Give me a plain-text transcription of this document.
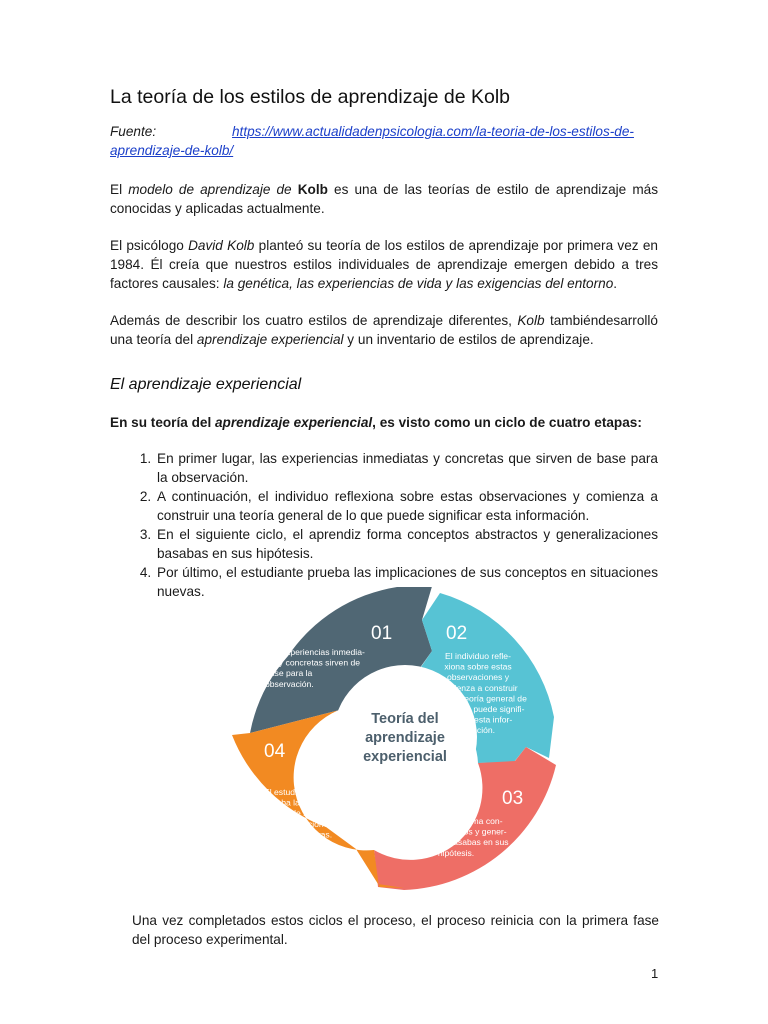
La teoría de los estilos de aprendizaje de Kolb

Fuente:	https://www.actualidadenpsicologia.com/la-teoria-de-los-estilos-de-aprendizaje-de-kolb/

El modelo de aprendizaje de Kolb es una de las teorías de estilo de aprendizaje más conocidas y aplicadas actualmente.

El psicólogo David Kolb planteó su teoría de los estilos de aprendizaje por primera vez en 1984. Él creía que nuestros estilos individuales de aprendizaje emergen debido a tres factores causales: la genética, las experiencias de vida y las exigencias del entorno.

Además de describir los cuatro estilos de aprendizaje diferentes, Kolb tambiéndesarrolló una teoría del aprendizaje experiencial y un inventario de estilos de aprendizaje.

El aprendizaje experiencial

En su teoría del aprendizaje experiencial, es visto como un ciclo de cuatro etapas:

1. En primer lugar, las experiencias inmediatas y concretas que sirven de base para la observación.
2. A continuación, el individuo reflexiona sobre estas observaciones y comienza a construir una teoría general de lo que puede significar esta información.
3. En el siguiente ciclo, el aprendiz forma conceptos abstractos y generalizaciones basabas en sus hipótesis.
4. Por último, el estudiante prueba las implicaciones de sus conceptos en situaciones nuevas.
01	02
03
04
Las experiencias inmedia-
tas y concretas sirven de
base para la
observación.
El individuo refle-
xiona sobre estas
observaciones y
comienza a construir
una teoría general de
lo que puede signifi-
car esta infor-
mación.
El estudiante forma con-
ceptos abstractos y gener-
alizaciones basabas en sus
hipótesis.
El estudiante
prueba las implica-
ciones de sus concep-
tos en situaciones
nuevas.
Teoría del
aprendizaje
experiencial

Una vez completados estos ciclos el proceso, el proceso reinicia con la primera fase del proceso experimental.

1
